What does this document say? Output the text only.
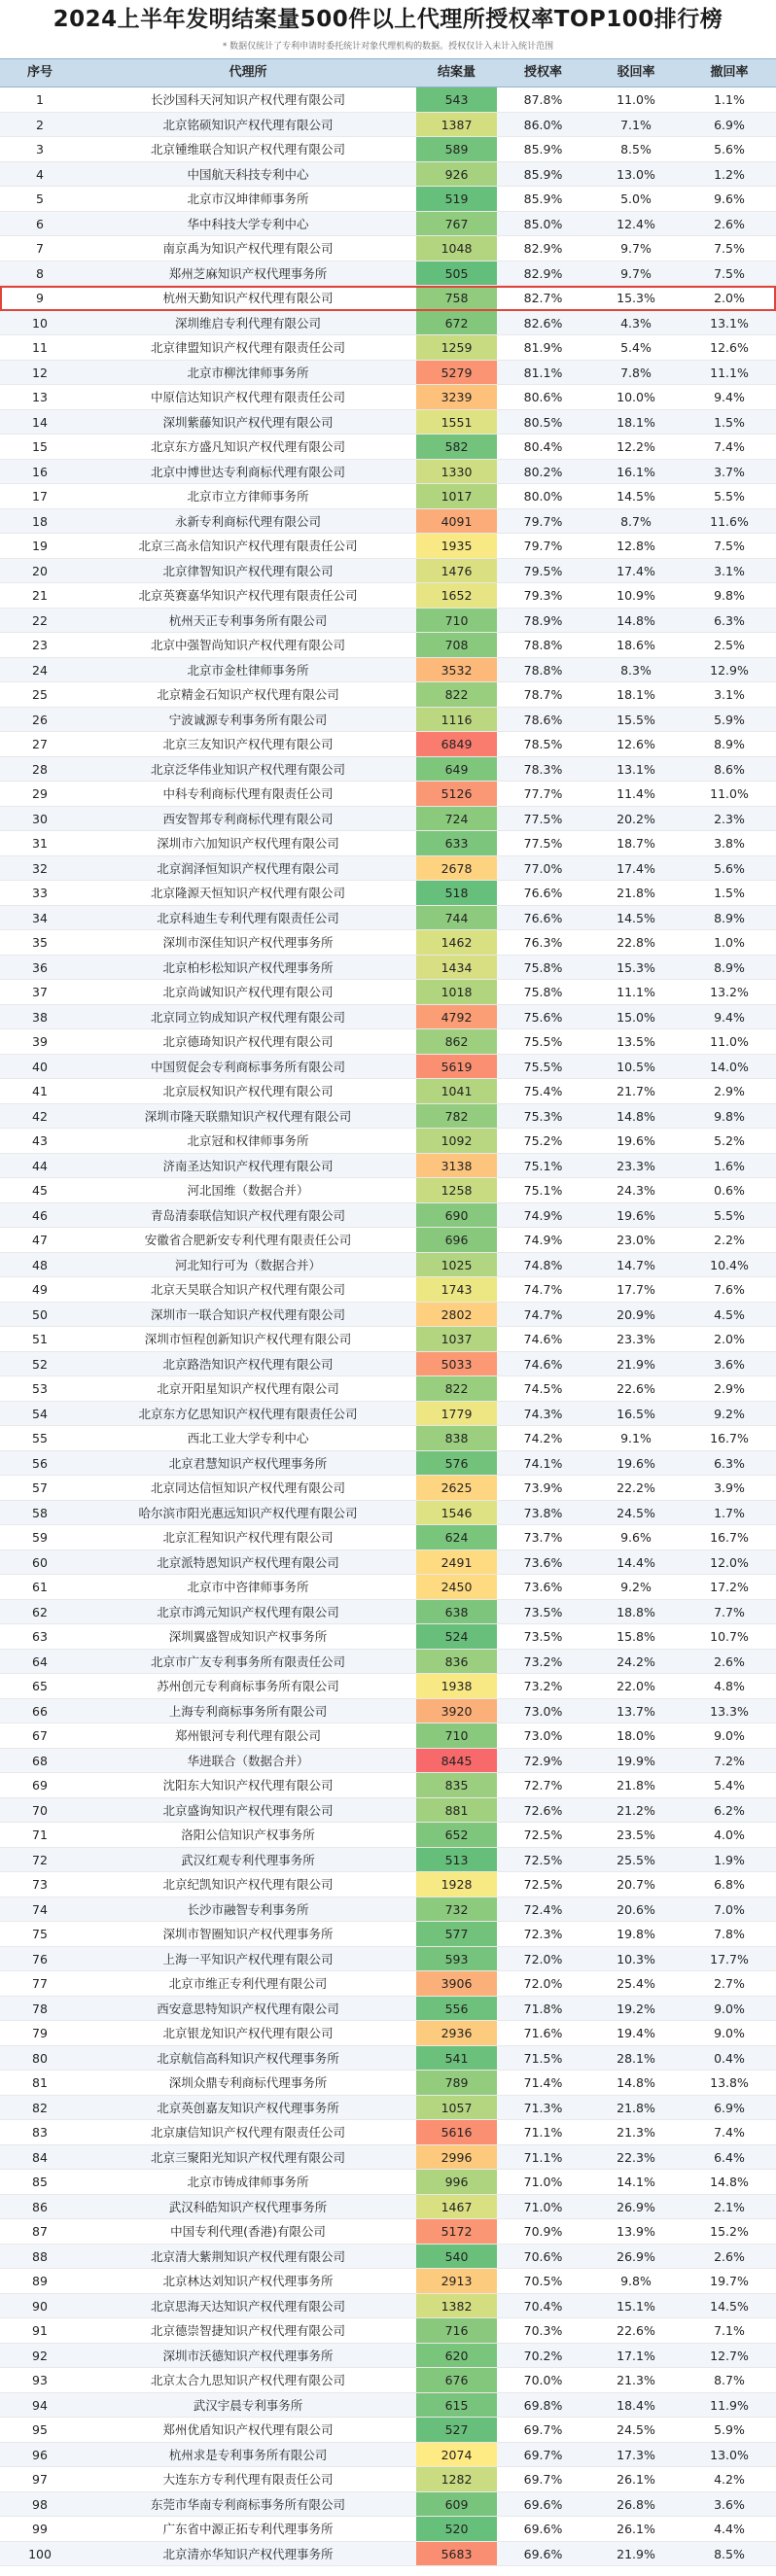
2024上半年发明结案量500件以上代理所授权率TOP100排行榜
* 数据仅统计了专利申请时委托统计对象代理机构的数据。授权仅计入未计入统计范围
序号	代理所	结案量	授权率	驳回率	撤回率
1	长沙国科天河知识产权代理有限公司	543	87.8%	11.0%	1.1%
2	北京铭硕知识产权代理有限公司	1387	86.0%	7.1%	6.9%
3	北京锺维联合知识产权代理有限公司	589	85.9%	8.5%	5.6%
4	中国航天科技专利中心	926	85.9%	13.0%	1.2%
5	北京市汉坤律师事务所	519	85.9%	5.0%	9.6%
6	华中科技大学专利中心	767	85.0%	12.4%	2.6%
7	南京禹为知识产权代理有限公司	1048	82.9%	9.7%	7.5%
8	郑州芝麻知识产权代理事务所	505	82.9%	9.7%	7.5%
9	杭州天勤知识产权代理有限公司	758	82.7%	15.3%	2.0%
10	深圳维启专利代理有限公司	672	82.6%	4.3%	13.1%
11	北京律盟知识产权代理有限责任公司	1259	81.9%	5.4%	12.6%
12	北京市柳沈律师事务所	5279	81.1%	7.8%	11.1%
13	中原信达知识产权代理有限责任公司	3239	80.6%	10.0%	9.4%
14	深圳紫藤知识产权代理有限公司	1551	80.5%	18.1%	1.5%
15	北京东方盛凡知识产权代理有限公司	582	80.4%	12.2%	7.4%
16	北京中博世达专利商标代理有限公司	1330	80.2%	16.1%	3.7%
17	北京市立方律师事务所	1017	80.0%	14.5%	5.5%
18	永新专利商标代理有限公司	4091	79.7%	8.7%	11.6%
19	北京三高永信知识产权代理有限责任公司	1935	79.7%	12.8%	7.5%
20	北京律智知识产权代理有限公司	1476	79.5%	17.4%	3.1%
21	北京英赛嘉华知识产权代理有限责任公司	1652	79.3%	10.9%	9.8%
22	杭州天正专利事务所有限公司	710	78.9%	14.8%	6.3%
23	北京中强智尚知识产权代理有限公司	708	78.8%	18.6%	2.5%
24	北京市金杜律师事务所	3532	78.8%	8.3%	12.9%
25	北京精金石知识产权代理有限公司	822	78.7%	18.1%	3.1%
26	宁波诚源专利事务所有限公司	1116	78.6%	15.5%	5.9%
27	北京三友知识产权代理有限公司	6849	78.5%	12.6%	8.9%
28	北京泛华伟业知识产权代理有限公司	649	78.3%	13.1%	8.6%
29	中科专利商标代理有限责任公司	5126	77.7%	11.4%	11.0%
30	西安智邦专利商标代理有限公司	724	77.5%	20.2%	2.3%
31	深圳市六加知识产权代理有限公司	633	77.5%	18.7%	3.8%
32	北京润泽恒知识产权代理有限公司	2678	77.0%	17.4%	5.6%
33	北京隆源天恒知识产权代理有限公司	518	76.6%	21.8%	1.5%
34	北京科迪生专利代理有限责任公司	744	76.6%	14.5%	8.9%
35	深圳市深佳知识产权代理事务所	1462	76.3%	22.8%	1.0%
36	北京柏杉松知识产权代理事务所	1434	75.8%	15.3%	8.9%
37	北京尚诚知识产权代理有限公司	1018	75.8%	11.1%	13.2%
38	北京同立钧成知识产权代理有限公司	4792	75.6%	15.0%	9.4%
39	北京德琦知识产权代理有限公司	862	75.5%	13.5%	11.0%
40	中国贸促会专利商标事务所有限公司	5619	75.5%	10.5%	14.0%
41	北京辰权知识产权代理有限公司	1041	75.4%	21.7%	2.9%
42	深圳市隆天联鼎知识产权代理有限公司	782	75.3%	14.8%	9.8%
43	北京冠和权律师事务所	1092	75.2%	19.6%	5.2%
44	济南圣达知识产权代理有限公司	3138	75.1%	23.3%	1.6%
45	河北国维（数据合并）	1258	75.1%	24.3%	0.6%
46	青岛清泰联信知识产权代理有限公司	690	74.9%	19.6%	5.5%
47	安徽省合肥新安专利代理有限责任公司	696	74.9%	23.0%	2.2%
48	河北知行可为（数据合并）	1025	74.8%	14.7%	10.4%
49	北京天昊联合知识产权代理有限公司	1743	74.7%	17.7%	7.6%
50	深圳市一联合知识产权代理有限公司	2802	74.7%	20.9%	4.5%
51	深圳市恒程创新知识产权代理有限公司	1037	74.6%	23.3%	2.0%
52	北京路浩知识产权代理有限公司	5033	74.6%	21.9%	3.6%
53	北京开阳星知识产权代理有限公司	822	74.5%	22.6%	2.9%
54	北京东方亿思知识产权代理有限责任公司	1779	74.3%	16.5%	9.2%
55	西北工业大学专利中心	838	74.2%	9.1%	16.7%
56	北京君慧知识产权代理事务所	576	74.1%	19.6%	6.3%
57	北京同达信恒知识产权代理有限公司	2625	73.9%	22.2%	3.9%
58	哈尔滨市阳光惠远知识产权代理有限公司	1546	73.8%	24.5%	1.7%
59	北京汇程知识产权代理有限公司	624	73.7%	9.6%	16.7%
60	北京派特恩知识产权代理有限公司	2491	73.6%	14.4%	12.0%
61	北京市中咨律师事务所	2450	73.6%	9.2%	17.2%
62	北京市鸿元知识产权代理有限公司	638	73.5%	18.8%	7.7%
63	深圳翼盛智成知识产权事务所	524	73.5%	15.8%	10.7%
64	北京市广友专利事务所有限责任公司	836	73.2%	24.2%	2.6%
65	苏州创元专利商标事务所有限公司	1938	73.2%	22.0%	4.8%
66	上海专利商标事务所有限公司	3920	73.0%	13.7%	13.3%
67	郑州银河专利代理有限公司	710	73.0%	18.0%	9.0%
68	华进联合（数据合并）	8445	72.9%	19.9%	7.2%
69	沈阳东大知识产权代理有限公司	835	72.7%	21.8%	5.4%
70	北京盛询知识产权代理有限公司	881	72.6%	21.2%	6.2%
71	洛阳公信知识产权事务所	652	72.5%	23.5%	4.0%
72	武汉红观专利代理事务所	513	72.5%	25.5%	1.9%
73	北京纪凯知识产权代理有限公司	1928	72.5%	20.7%	6.8%
74	长沙市融智专利事务所	732	72.4%	20.6%	7.0%
75	深圳市智圈知识产权代理事务所	577	72.3%	19.8%	7.8%
76	上海一平知识产权代理有限公司	593	72.0%	10.3%	17.7%
77	北京市维正专利代理有限公司	3906	72.0%	25.4%	2.7%
78	西安意思特知识产权代理有限公司	556	71.8%	19.2%	9.0%
79	北京银龙知识产权代理有限公司	2936	71.6%	19.4%	9.0%
80	北京航信高科知识产权代理事务所	541	71.5%	28.1%	0.4%
81	深圳众鼎专利商标代理事务所	789	71.4%	14.8%	13.8%
82	北京英创嘉友知识产权代理事务所	1057	71.3%	21.8%	6.9%
83	北京康信知识产权代理有限责任公司	5616	71.1%	21.3%	7.4%
84	北京三聚阳光知识产权代理有限公司	2996	71.1%	22.3%	6.4%
85	北京市铸成律师事务所	996	71.0%	14.1%	14.8%
86	武汉科皓知识产权代理事务所	1467	71.0%	26.9%	2.1%
87	中国专利代理(香港)有限公司	5172	70.9%	13.9%	15.2%
88	北京清大紫荆知识产权代理有限公司	540	70.6%	26.9%	2.6%
89	北京林达刘知识产权代理事务所	2913	70.5%	9.8%	19.7%
90	北京思海天达知识产权代理有限公司	1382	70.4%	15.1%	14.5%
91	北京德崇智捷知识产权代理有限公司	716	70.3%	22.6%	7.1%
92	深圳市沃德知识产权代理事务所	620	70.2%	17.1%	12.7%
93	北京太合九思知识产权代理有限公司	676	70.0%	21.3%	8.7%
94	武汉宇晨专利事务所	615	69.8%	18.4%	11.9%
95	郑州优盾知识产权代理有限公司	527	69.7%	24.5%	5.9%
96	杭州求是专利事务所有限公司	2074	69.7%	17.3%	13.0%
97	大连东方专利代理有限责任公司	1282	69.7%	26.1%	4.2%
98	东莞市华南专利商标事务所有限公司	609	69.6%	26.8%	3.6%
99	广东省中源正拓专利代理事务所	520	69.6%	26.1%	4.4%
100	北京清亦华知识产权代理事务所	5683	69.6%	21.9%	8.5%
